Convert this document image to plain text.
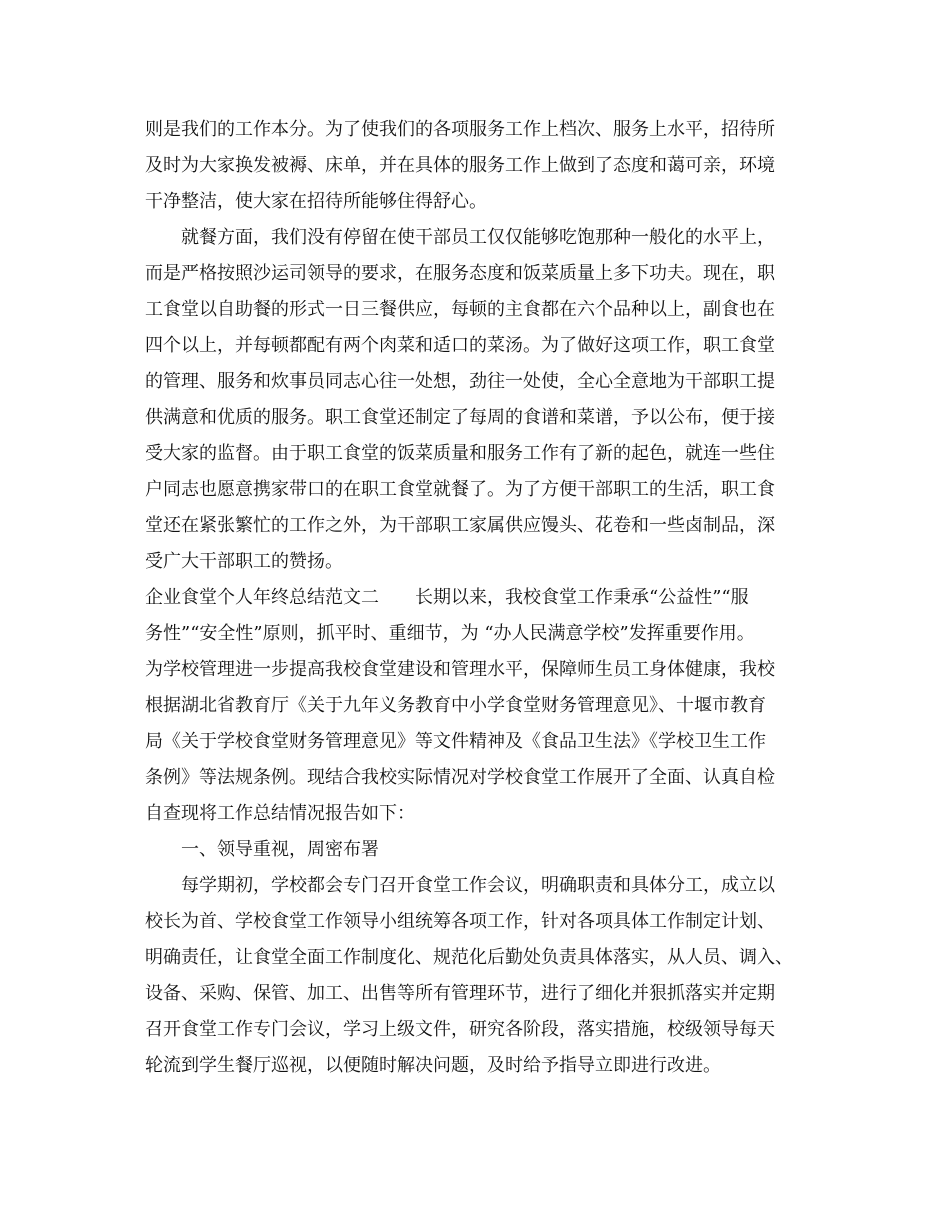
则是我们的工作本分。为了使我们的各项服务工作上档次、服务上水平，招待所
及时为大家换发被褥、床单，并在具体的服务工作上做到了态度和蔼可亲，环境
干净整洁，使大家在招待所能够住得舒心。
　　就餐方面，我们没有停留在使干部员工仅仅能够吃饱那种一般化的水平上，
而是严格按照沙运司领导的要求，在服务态度和饭菜质量上多下功夫。现在，职
工食堂以自助餐的形式一日三餐供应，每顿的主食都在六个品种以上，副食也在
四个以上，并每顿都配有两个肉菜和适口的菜汤。为了做好这项工作，职工食堂
的管理、服务和炊事员同志心往一处想，劲往一处使，全心全意地为干部职工提
供满意和优质的服务。职工食堂还制定了每周的食谱和菜谱，予以公布，便于接
受大家的监督。由于职工食堂的饭菜质量和服务工作有了新的起色，就连一些住
户同志也愿意携家带口的在职工食堂就餐了。为了方便干部职工的生活，职工食
堂还在紧张繁忙的工作之外，为干部职工家属供应馒头、花卷和一些卤制品，深
受广大干部职工的赞扬。
企业食堂个人年终总结范文二　　长期以来，我校食堂工作秉承“公益性”“服
务性”“安全性”原则，抓平时、重细节，为 “办人民满意学校”发挥重要作用。
为学校管理进一步提高我校食堂建设和管理水平，保障师生员工身体健康，我校
根据湖北省教育厅《关于九年义务教育中小学食堂财务管理意见》、十堰市教育
局《关于学校食堂财务管理意见》等文件精神及《食品卫生法》《学校卫生工作
条例》等法规条例。现结合我校实际情况对学校食堂工作展开了全面、认真自检
自查现将工作总结情况报告如下：
　　一、领导重视，周密布署
　　每学期初，学校都会专门召开食堂工作会议，明确职责和具体分工，成立以
校长为首、学校食堂工作领导小组统筹各项工作，针对各项具体工作制定计划、
明确责任，让食堂全面工作制度化、规范化后勤处负责具体落实，从人员、调入、
设备、采购、保管、加工、出售等所有管理环节，进行了细化并狠抓落实并定期
召开食堂工作专门会议，学习上级文件，研究各阶段，落实措施，校级领导每天
轮流到学生餐厅巡视，以便随时解决问题，及时给予指导立即进行改进。
